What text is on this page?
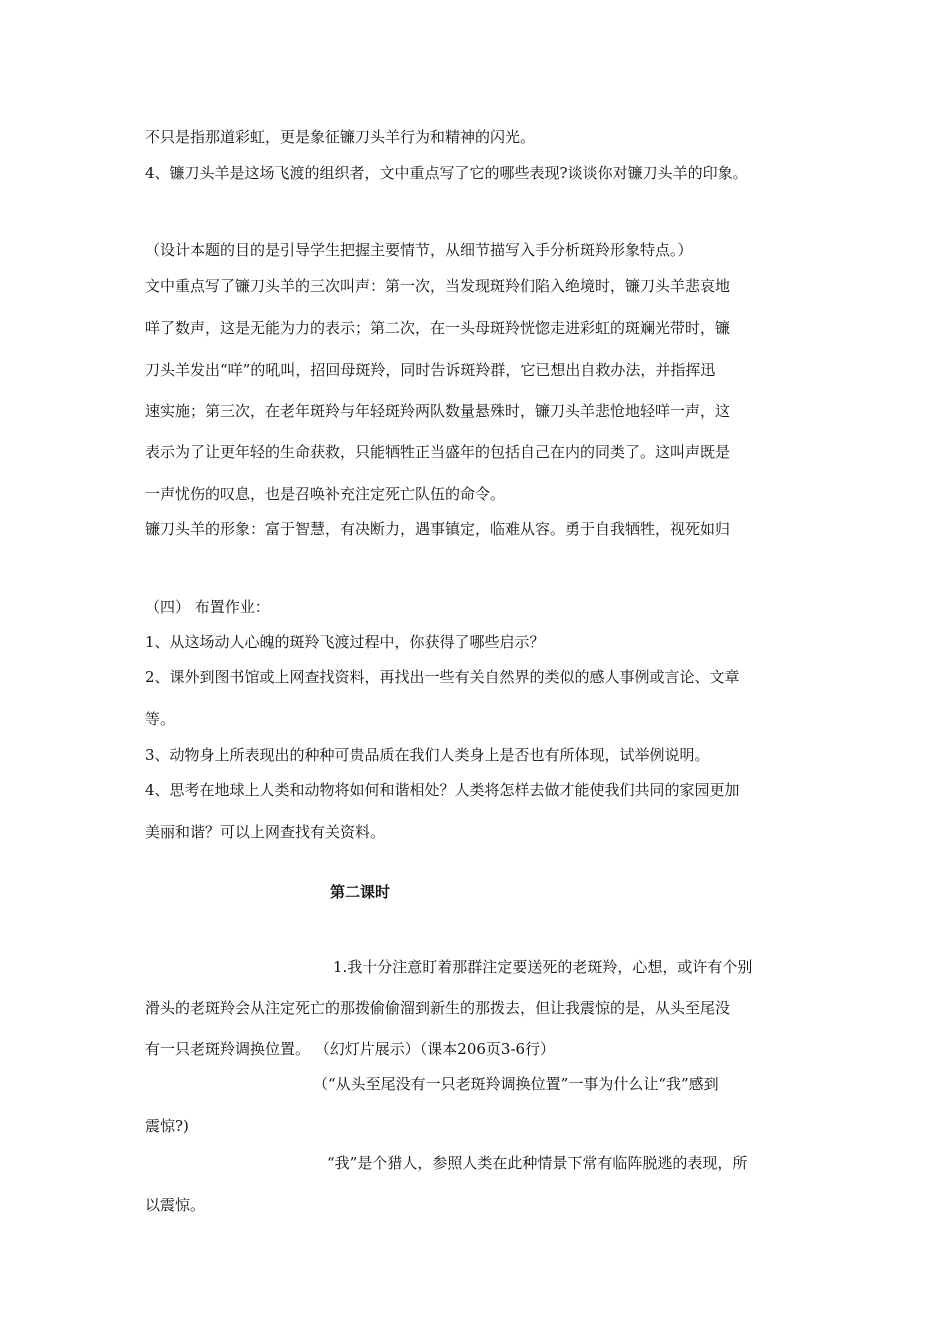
不只是指那道彩虹，更是象征镰刀头羊行为和精神的闪光。
4、镰刀头羊是这场飞渡的组织者，文中重点写了它的哪些表现?谈谈你对镰刀头羊的印象。
（设计本题的目的是引导学生把握主要情节，从细节描写入手分析斑羚形象特点。）
文中重点写了镰刀头羊的三次叫声：第一次，当发现斑羚们陷入绝境时，镰刀头羊悲哀地
咩了数声，这是无能为力的表示；第二次，在一头母斑羚恍惚走进彩虹的斑斓光带时，镰
刀头羊发出“咩”的吼叫，招回母斑羚，同时告诉斑羚群，它已想出自救办法，并指挥迅
速实施；第三次，在老年斑羚与年轻斑羚两队数量悬殊时，镰刀头羊悲怆地轻咩一声，这
表示为了让更年轻的生命获救，只能牺牲正当盛年的包括自己在内的同类了。这叫声既是
一声忧伤的叹息，也是召唤补充注定死亡队伍的命令。
镰刀头羊的形象：富于智慧，有决断力，遇事镇定，临难从容。勇于自我牺牲，视死如归
（四） 布置作业：
1、从这场动人心魄的斑羚飞渡过程中，你获得了哪些启示？
2、课外到图书馆或上网查找资料，再找出一些有关自然界的类似的感人事例或言论、文章
等。
3、动物身上所表现出的种种可贵品质在我们人类身上是否也有所体现，试举例说明。
4、思考在地球上人类和动物将如何和谐相处？人类将怎样去做才能使我们共同的家园更加
美丽和谐？可以上网查找有关资料。
第二课时
1.我十分注意盯着那群注定要送死的老斑羚，心想，或许有个别
滑头的老斑羚会从注定死亡的那拨偷偷溜到新生的那拨去，但让我震惊的是，从头至尾没
有一只老斑羚调换位置。 （幻灯片展示）（课本206页3-6行）
（“从头至尾没有一只老斑羚调换位置”一事为什么让“我”感到
震惊?)
“我”是个猎人，参照人类在此种情景下常有临阵脱逃的表现，所
以震惊。
